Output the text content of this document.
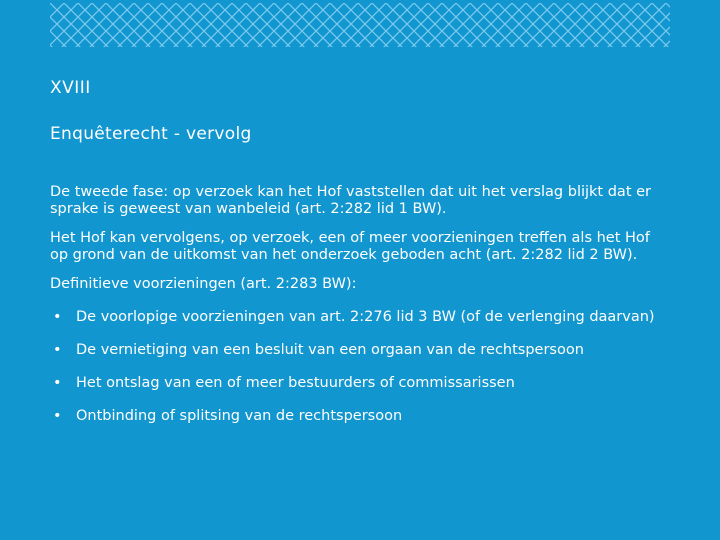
XVIII
Enquêterecht - vervolg

De tweede fase: op verzoek kan het Hof vaststellen dat uit het verslag blijkt dat er sprake is geweest van wanbeleid (art. 2:282 lid 1 BW).

Het Hof kan vervolgens, op verzoek, een of meer voorzieningen treffen als het Hof op grond van de uitkomst van het onderzoek geboden acht (art. 2:282 lid 2 BW).

Definitieve voorzieningen (art. 2:283 BW):

• De voorlopige voorzieningen van art. 2:276 lid 3 BW (of de verlenging daarvan)
• De vernietiging van een besluit van een orgaan van de rechtspersoon
• Het ontslag van een of meer bestuurders of commissarissen
• Ontbinding of splitsing van de rechtspersoon
